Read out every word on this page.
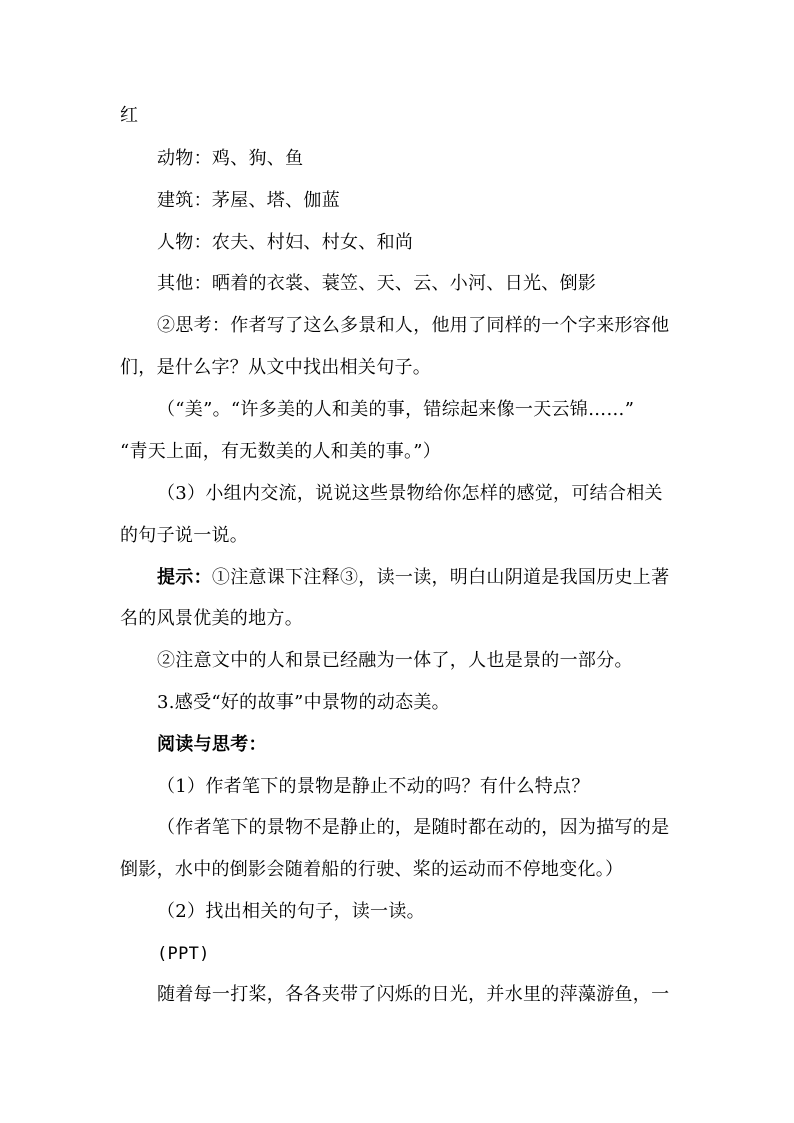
红
动物：鸡、狗、鱼
建筑：茅屋、塔、伽蓝
人物：农夫、村妇、村女、和尚
其他：晒着的衣裳、蓑笠、天、云、小河、日光、倒影
②思考：作者写了这么多景和人，他用了同样的一个字来形容他
们，是什么字？从文中找出相关句子。
（“美”。“许多美的人和美的事，错综起来像一天云锦……”
“青天上面，有无数美的人和美的事。”）
（3）小组内交流，说说这些景物给你怎样的感觉，可结合相关
的句子说一说。
提示：①注意课下注释③，读一读，明白山阴道是我国历史上著
名的风景优美的地方。
②注意文中的人和景已经融为一体了，人也是景的一部分。
3.感受“好的故事”中景物的动态美。
阅读与思考：
（1）作者笔下的景物是静止不动的吗？有什么特点？
（作者笔下的景物不是静止的，是随时都在动的，因为描写的是
倒影，水中的倒影会随着船的行驶、桨的运动而不停地变化。）
（2）找出相关的句子，读一读。
(PPT)
随着每一打桨，各各夹带了闪烁的日光，并水里的萍藻游鱼，一
